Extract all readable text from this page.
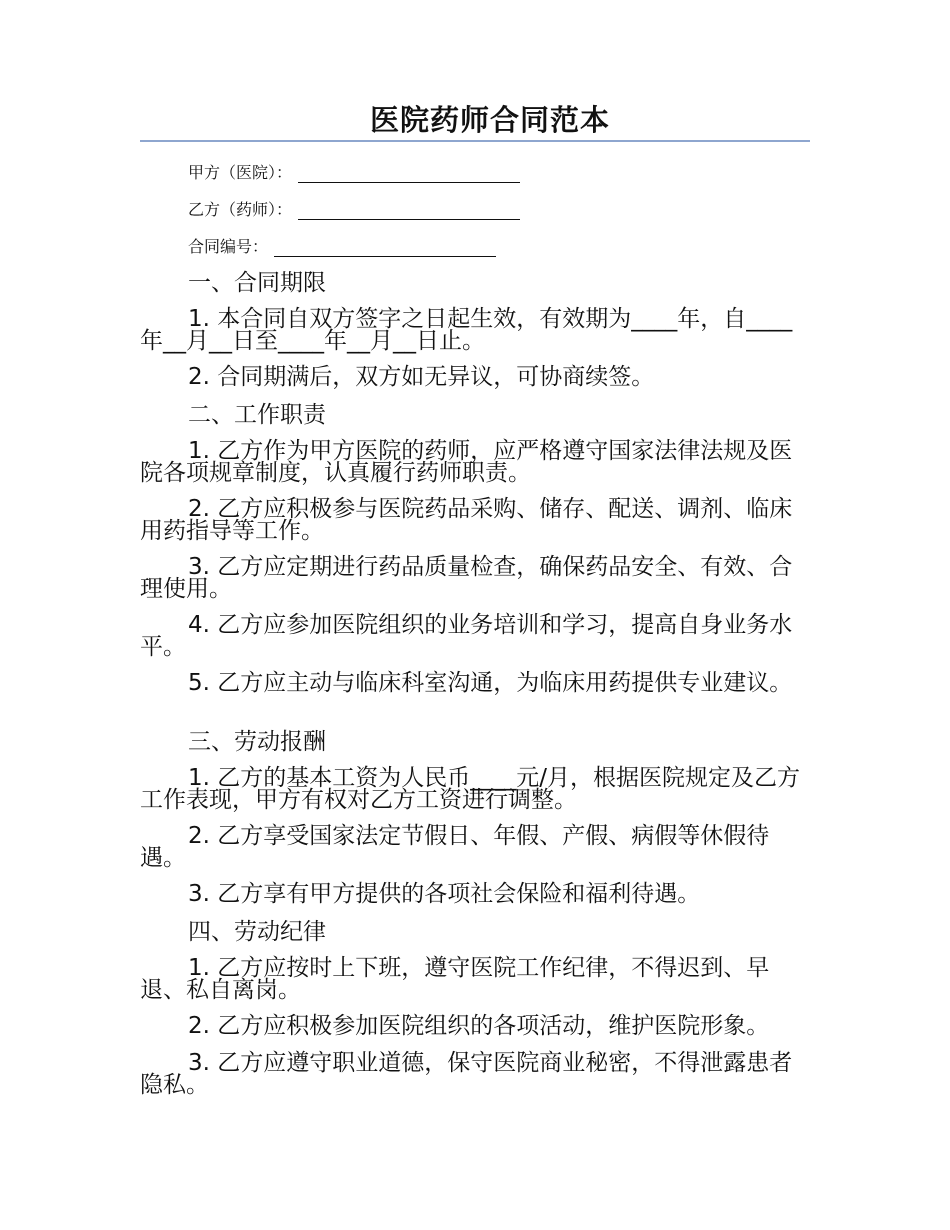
医院药师合同范本
甲方（医院）：
乙方（药师）：
合同编号：
一、合同期限

1. 本合同自双方签字之日起生效，有效期为____年，自____年__月__日至____年__月__日止。

2. 合同期满后，双方如无异议，可协商续签。

二、工作职责

1. 乙方作为甲方医院的药师，应严格遵守国家法律法规及医院各项规章制度，认真履行药师职责。

2. 乙方应积极参与医院药品采购、储存、配送、调剂、临床用药指导等工作。

3. 乙方应定期进行药品质量检查，确保药品安全、有效、合理使用。

4. 乙方应参加医院组织的业务培训和学习，提高自身业务水平。

5. 乙方应主动与临床科室沟通，为临床用药提供专业建议。

三、劳动报酬

1. 乙方的基本工资为人民币____元/月，根据医院规定及乙方工作表现，甲方有权对乙方工资进行调整。

2. 乙方享受国家法定节假日、年假、产假、病假等休假待遇。

3. 乙方享有甲方提供的各项社会保险和福利待遇。

四、劳动纪律

1. 乙方应按时上下班，遵守医院工作纪律，不得迟到、早退、私自离岗。

2. 乙方应积极参加医院组织的各项活动，维护医院形象。

3. 乙方应遵守职业道德，保守医院商业秘密，不得泄露患者隐私。
